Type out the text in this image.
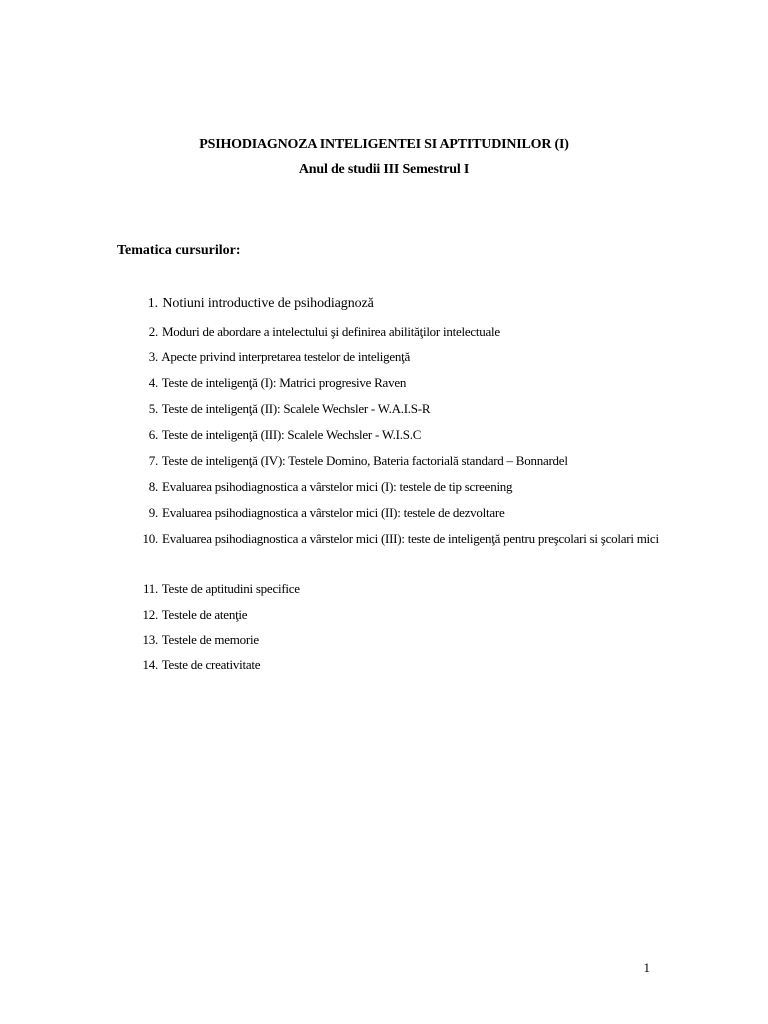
PSIHODIAGNOZA INTELIGENTEI SI APTITUDINILOR (I)
Anul de studii III Semestrul I
Tematica cursurilor:
1. Notiuni introductive de psihodiagnoză
2. Moduri de abordare a intelectului şi definirea abilităţilor intelectuale
3. Apecte privind interpretarea testelor de inteligenţă
4. Teste de inteligenţă (I): Matrici progresive Raven
5. Teste de inteligenţă (II): Scalele Wechsler - W.A.I.S-R
6. Teste de inteligenţă (III): Scalele Wechsler - W.I.S.C
7. Teste de inteligenţă (IV): Testele Domino, Bateria factorială standard – Bonnardel
8. Evaluarea psihodiagnostica a vârstelor mici (I): testele de tip screening
9. Evaluarea psihodiagnostica a vârstelor mici (II): testele de dezvoltare
10. Evaluarea psihodiagnostica a vârstelor mici (III): teste de inteligenţă pentru preşcolari si şcolari mici
11. Teste de aptitudini specifice
12. Testele de atenţie
13. Testele de memorie
14. Teste de creativitate
1
